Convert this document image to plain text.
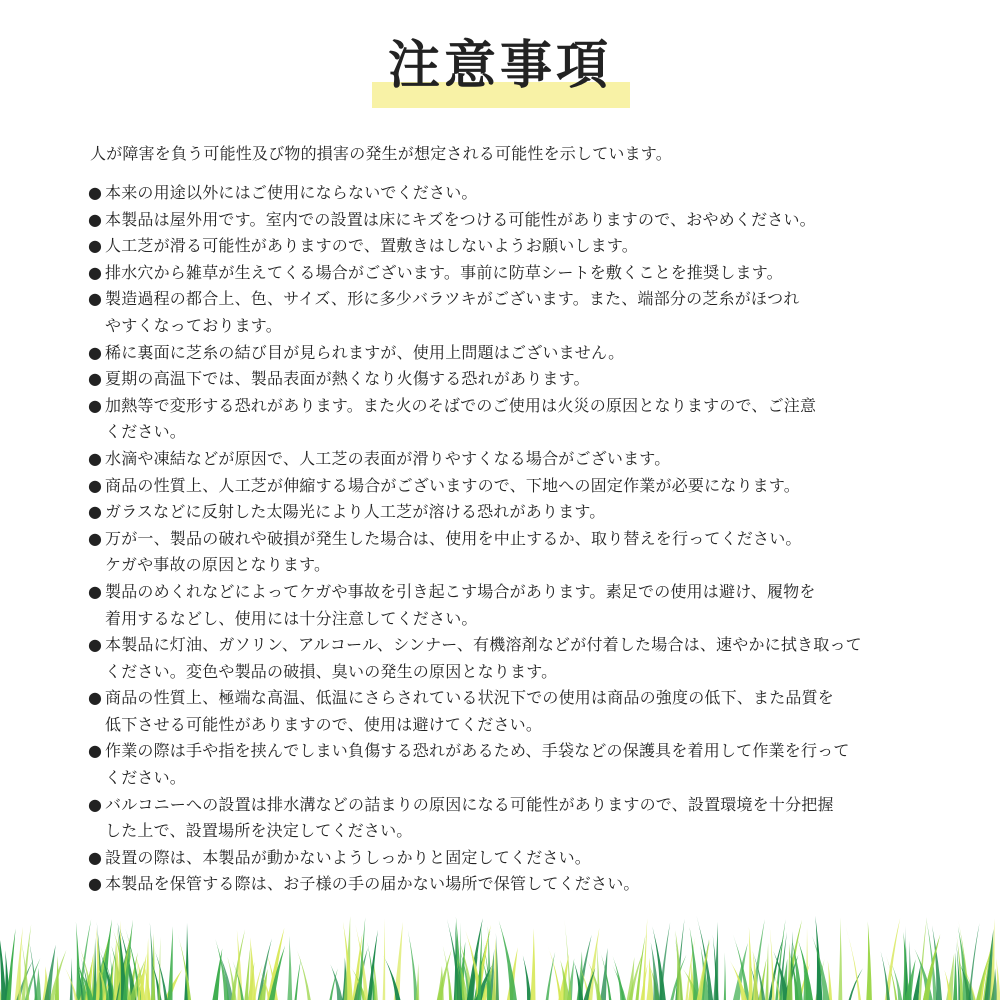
注意事項
人が障害を負う可能性及び物的損害の発生が想定される可能性を示しています。
● 本来の用途以外にはご使用にならないでください。
● 本製品は屋外用です。室内での設置は床にキズをつける可能性がありますので、おやめください。
● 人工芝が滑る可能性がありますので、置敷きはしないようお願いします。
● 排水穴から雑草が生えてくる場合がございます。事前に防草シートを敷くことを推奨します。
● 製造過程の都合上、色、サイズ、形に多少バラツキがございます。また、端部分の芝糸がほつれ
やすくなっております。
● 稀に裏面に芝糸の結び目が見られますが、使用上問題はございません。
● 夏期の高温下では、製品表面が熱くなり火傷する恐れがあります。
● 加熱等で変形する恐れがあります。また火のそばでのご使用は火災の原因となりますので、ご注意
ください。
● 水滴や凍結などが原因で、人工芝の表面が滑りやすくなる場合がございます。
● 商品の性質上、人工芝が伸縮する場合がございますので、下地への固定作業が必要になります。
● ガラスなどに反射した太陽光により人工芝が溶ける恐れがあります。
● 万が一、製品の破れや破損が発生した場合は、使用を中止するか、取り替えを行ってください。
ケガや事故の原因となります。
● 製品のめくれなどによってケガや事故を引き起こす場合があります。素足での使用は避け、履物を
着用するなどし、使用には十分注意してください。
● 本製品に灯油、ガソリン、アルコール、シンナー、有機溶剤などが付着した場合は、速やかに拭き取って
ください。変色や製品の破損、臭いの発生の原因となります。
● 商品の性質上、極端な高温、低温にさらされている状況下での使用は商品の強度の低下、また品質を
低下させる可能性がありますので、使用は避けてください。
● 作業の際は手や指を挟んでしまい負傷する恐れがあるため、手袋などの保護具を着用して作業を行って
ください。
● バルコニーへの設置は排水溝などの詰まりの原因になる可能性がありますので、設置環境を十分把握
した上で、設置場所を決定してください。
● 設置の際は、本製品が動かないようしっかりと固定してください。
● 本製品を保管する際は、お子様の手の届かない場所で保管してください。
